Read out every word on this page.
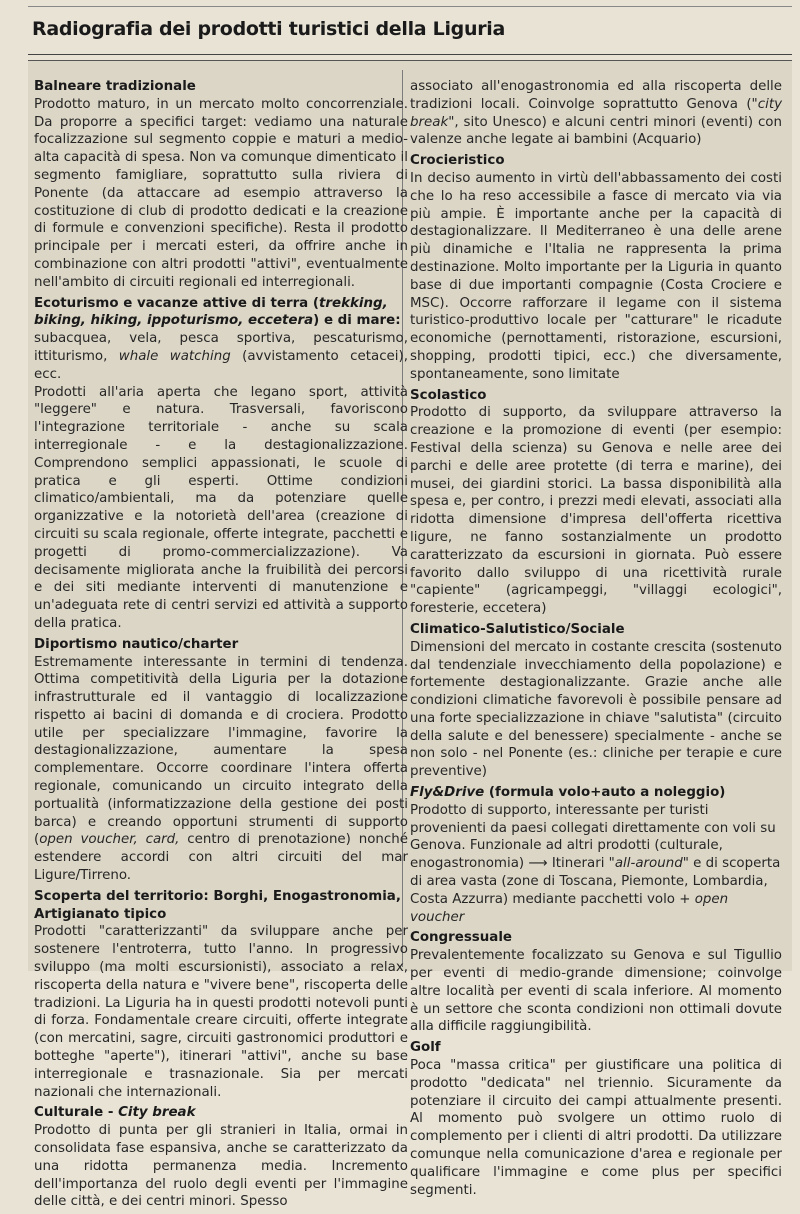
Radiografia dei prodotti turistici della Liguria

Balneare tradizionale

Prodotto maturo, in un mercato molto concorrenziale. Da proporre a specifici target: vediamo una naturale focalizzazione sul segmento coppie e maturi a medio-alta capacità di spesa. Non va comunque dimenticato il segmento famigliare, soprattutto sulla riviera di Ponente (da attaccare ad esempio attraverso la costituzione di club di prodotto dedicati e la creazione di formule e convenzioni specifiche). Resta il prodotto principale per i mercati esteri, da offrire anche in combinazione con altri prodotti "attivi", eventualmente nell'ambito di circuiti regionali ed interregionali.

Ecoturismo e vacanze attive di terra (trekking, biking, hiking, ippoturismo, eccetera) e di mare:

subacquea, vela, pesca sportiva, pescaturismo, ittiturismo, whale watching (avvistamento cetacei), ecc.

Prodotti all'aria aperta che legano sport, attività "leggere" e natura. Trasversali, favoriscono l'integrazione territoriale - anche su scala interregionale - e la destagionalizzazione. Comprendono semplici appassionati, le scuole di pratica e gli esperti. Ottime condizioni climatico/ambientali, ma da potenziare quelle organizzative e la notorietà dell'area (creazione di circuiti su scala regionale, offerte integrate, pacchetti e progetti di promo-commercializzazione). Va decisamente migliorata anche la fruibilità dei percorsi e dei siti mediante interventi di manutenzione e un'adeguata rete di centri servizi ed attività a supporto della pratica.

Diportismo nautico/charter

Estremamente interessante in termini di tendenza. Ottima competitività della Liguria per la dotazione infrastrutturale ed il vantaggio di localizzazione rispetto ai bacini di domanda e di crociera. Prodotto utile per specializzare l'immagine, favorire la destagionalizzazione, aumentare la spesa complementare. Occorre coordinare l'intera offerta regionale, comunicando un circuito integrato della portualità (informatizzazione della gestione dei posti barca) e creando opportuni strumenti di supporto (open voucher, card, centro di prenotazione) nonché estendere accordi con altri circuiti del mar Ligure/Tirreno.

Scoperta del territorio: Borghi, Enogastronomia, Artigianato tipico

Prodotti "caratterizzanti" da sviluppare anche per sostenere l'entroterra, tutto l'anno. In progressivo sviluppo (ma molti escursionisti), associato a relax, riscoperta della natura e "vivere bene", riscoperta delle tradizioni. La Liguria ha in questi prodotti notevoli punti di forza. Fondamentale creare circuiti, offerte integrate (con mercatini, sagre, circuiti gastronomici produttori e botteghe "aperte"), itinerari "attivi", anche su base interregionale e trasnazionale. Sia per mercati nazionali che internazionali.

Culturale - City break

Prodotto di punta per gli stranieri in Italia, ormai in consolidata fase espansiva, anche se caratterizzato da una ridotta permanenza media. Incremento dell'importanza del ruolo degli eventi per l'immagine delle città, e dei centri minori. Spesso

associato all'enogastronomia ed alla riscoperta delle tradizioni locali. Coinvolge soprattutto Genova ("city break", sito Unesco) e alcuni centri minori (eventi) con valenze anche legate ai bambini (Acquario)

Crocieristico

In deciso aumento in virtù dell'abbassamento dei costi che lo ha reso accessibile a fasce di mercato via via più ampie. È importante anche per la capacità di destagionalizzare. Il Mediterraneo è una delle arene più dinamiche e l'Italia ne rappresenta la prima destinazione. Molto importante per la Liguria in quanto base di due importanti compagnie (Costa Crociere e MSC). Occorre rafforzare il legame con il sistema turistico-produttivo locale per "catturare" le ricadute economiche (pernottamenti, ristorazione, escursioni, shopping, prodotti tipici, ecc.) che diversamente, spontaneamente, sono limitate

Scolastico

Prodotto di supporto, da sviluppare attraverso la creazione e la promozione di eventi (per esempio: Festival della scienza) su Genova e nelle aree dei parchi e delle aree protette (di terra e marine), dei musei, dei giardini storici. La bassa disponibilità alla spesa e, per contro, i prezzi medi elevati, associati alla ridotta dimensione d'impresa dell'offerta ricettiva ligure, ne fanno sostanzialmente un prodotto caratterizzato da escursioni in giornata. Può essere favorito dallo sviluppo di una ricettività rurale "capiente" (agricampeggi, "villaggi ecologici", foresterie, eccetera)

Climatico-Salutistico/Sociale

Dimensioni del mercato in costante crescita (sostenuto dal tendenziale invecchiamento della popolazione) e fortemente destagionalizzante. Grazie anche alle condizioni climatiche favorevoli è possibile pensare ad una forte specializzazione in chiave "salutista" (circuito della salute e del benessere) specialmente - anche se non solo - nel Ponente (es.: cliniche per terapie e cure preventive)

Fly&Drive (formula volo+auto a noleggio)

Prodotto di supporto, interessante per turisti provenienti da paesi collegati direttamente con voli su Genova. Funzionale ad altri prodotti (culturale, enogastronomia) ⟶ Itinerari "all-around" e di scoperta di area vasta (zone di Toscana, Piemonte, Lombardia, Costa Azzurra) mediante pacchetti volo + open voucher

Congressuale

Prevalentemente focalizzato su Genova e sul Tigullio per eventi di medio-grande dimensione; coinvolge altre località per eventi di scala inferiore. Al momento è un settore che sconta condizioni non ottimali dovute alla difficile raggiungibilità.

Golf

Poca "massa critica" per giustificare una politica di prodotto "dedicata" nel triennio. Sicuramente da potenziare il circuito dei campi attualmente presenti. Al momento può svolgere un ottimo ruolo di complemento per i clienti di altri prodotti. Da utilizzare comunque nella comunicazione d'area e regionale per qualificare l'immagine e come plus per specifici segmenti.
